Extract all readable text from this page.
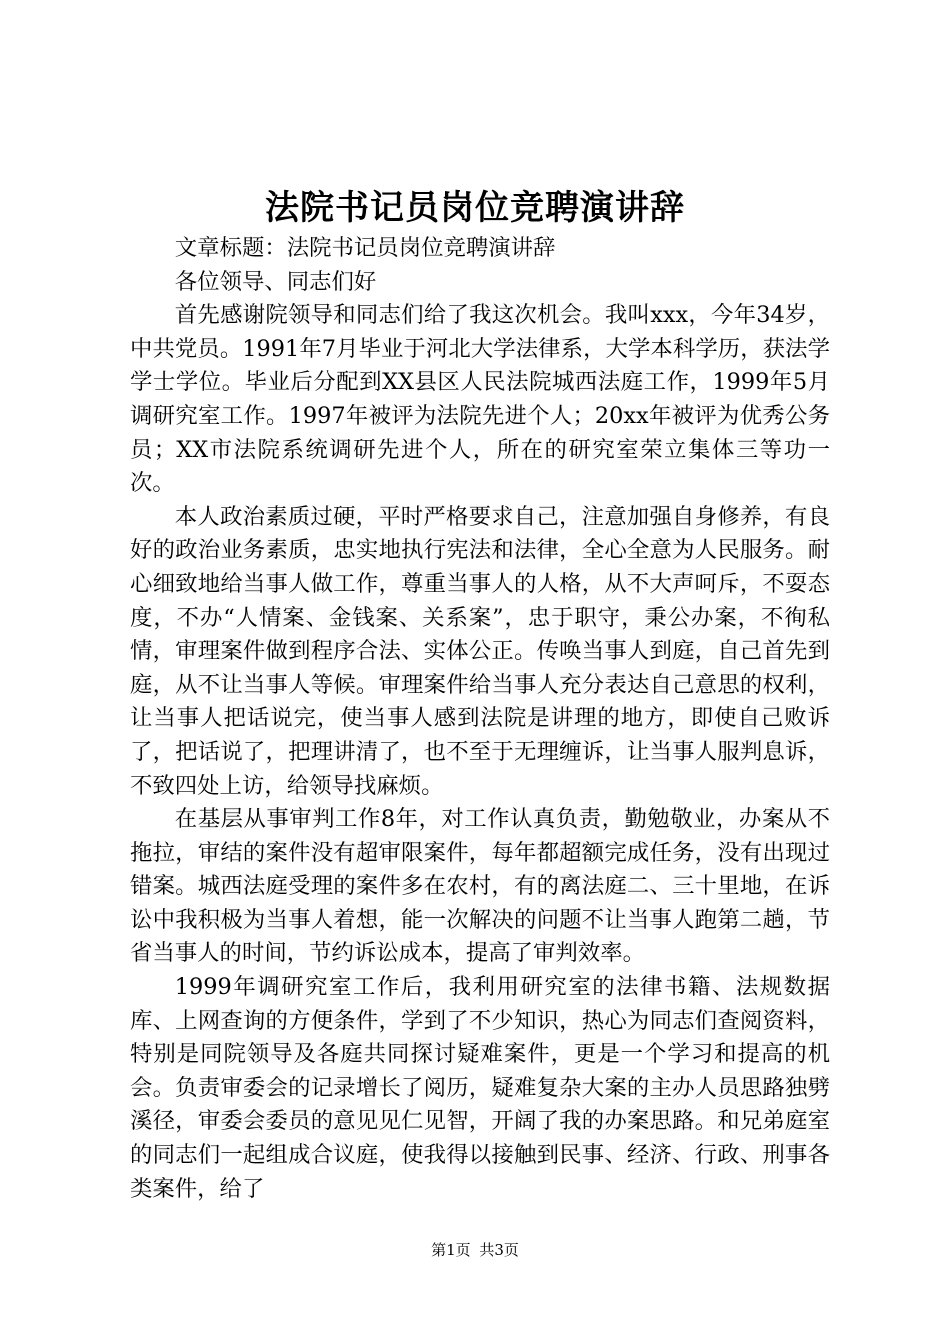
法院书记员岗位竞聘演讲辞

文章标题：法院书记员岗位竞聘演讲辞

各位领导、同志们好

首先感谢院领导和同志们给了我这次机会。我叫xxx，今年34岁，中共党员。1991年7月毕业于河北大学法律系，大学本科学历，获法学学士学位。毕业后分配到XX县区人民法院城西法庭工作，1999年5月调研究室工作。1997年被评为法院先进个人；20xx年被评为优秀公务员；XX市法院系统调研先进个人，所在的研究室荣立集体三等功一次。

本人政治素质过硬，平时严格要求自己，注意加强自身修养，有良好的政治业务素质，忠实地执行宪法和法律，全心全意为人民服务。耐心细致地给当事人做工作，尊重当事人的人格，从不大声呵斥，不耍态度，不办“人情案、金钱案、关系案”，忠于职守，秉公办案，不徇私情，审理案件做到程序合法、实体公正。传唤当事人到庭，自己首先到庭，从不让当事人等候。审理案件给当事人充分表达自己意思的权利，让当事人把话说完，使当事人感到法院是讲理的地方，即使自己败诉了，把话说了，把理讲清了，也不至于无理缠诉，让当事人服判息诉，不致四处上访，给领导找麻烦。

在基层从事审判工作8年，对工作认真负责，勤勉敬业，办案从不拖拉，审结的案件没有超审限案件，每年都超额完成任务，没有出现过错案。城西法庭受理的案件多在农村，有的离法庭二、三十里地，在诉讼中我积极为当事人着想，能一次解决的问题不让当事人跑第二趟，节省当事人的时间，节约诉讼成本，提高了审判效率。

1999年调研究室工作后，我利用研究室的法律书籍、法规数据库、上网查询的方便条件，学到了不少知识，热心为同志们查阅资料，特别是同院领导及各庭共同探讨疑难案件，更是一个学习和提高的机会。负责审委会的记录增长了阅历，疑难复杂大案的主办人员思路独劈溪径，审委会委员的意见见仁见智，开阔了我的办案思路。和兄弟庭室的同志们一起组成合议庭，使我得以接触到民事、经济、行政、刑事各类案件，给了

第1页 共3页
